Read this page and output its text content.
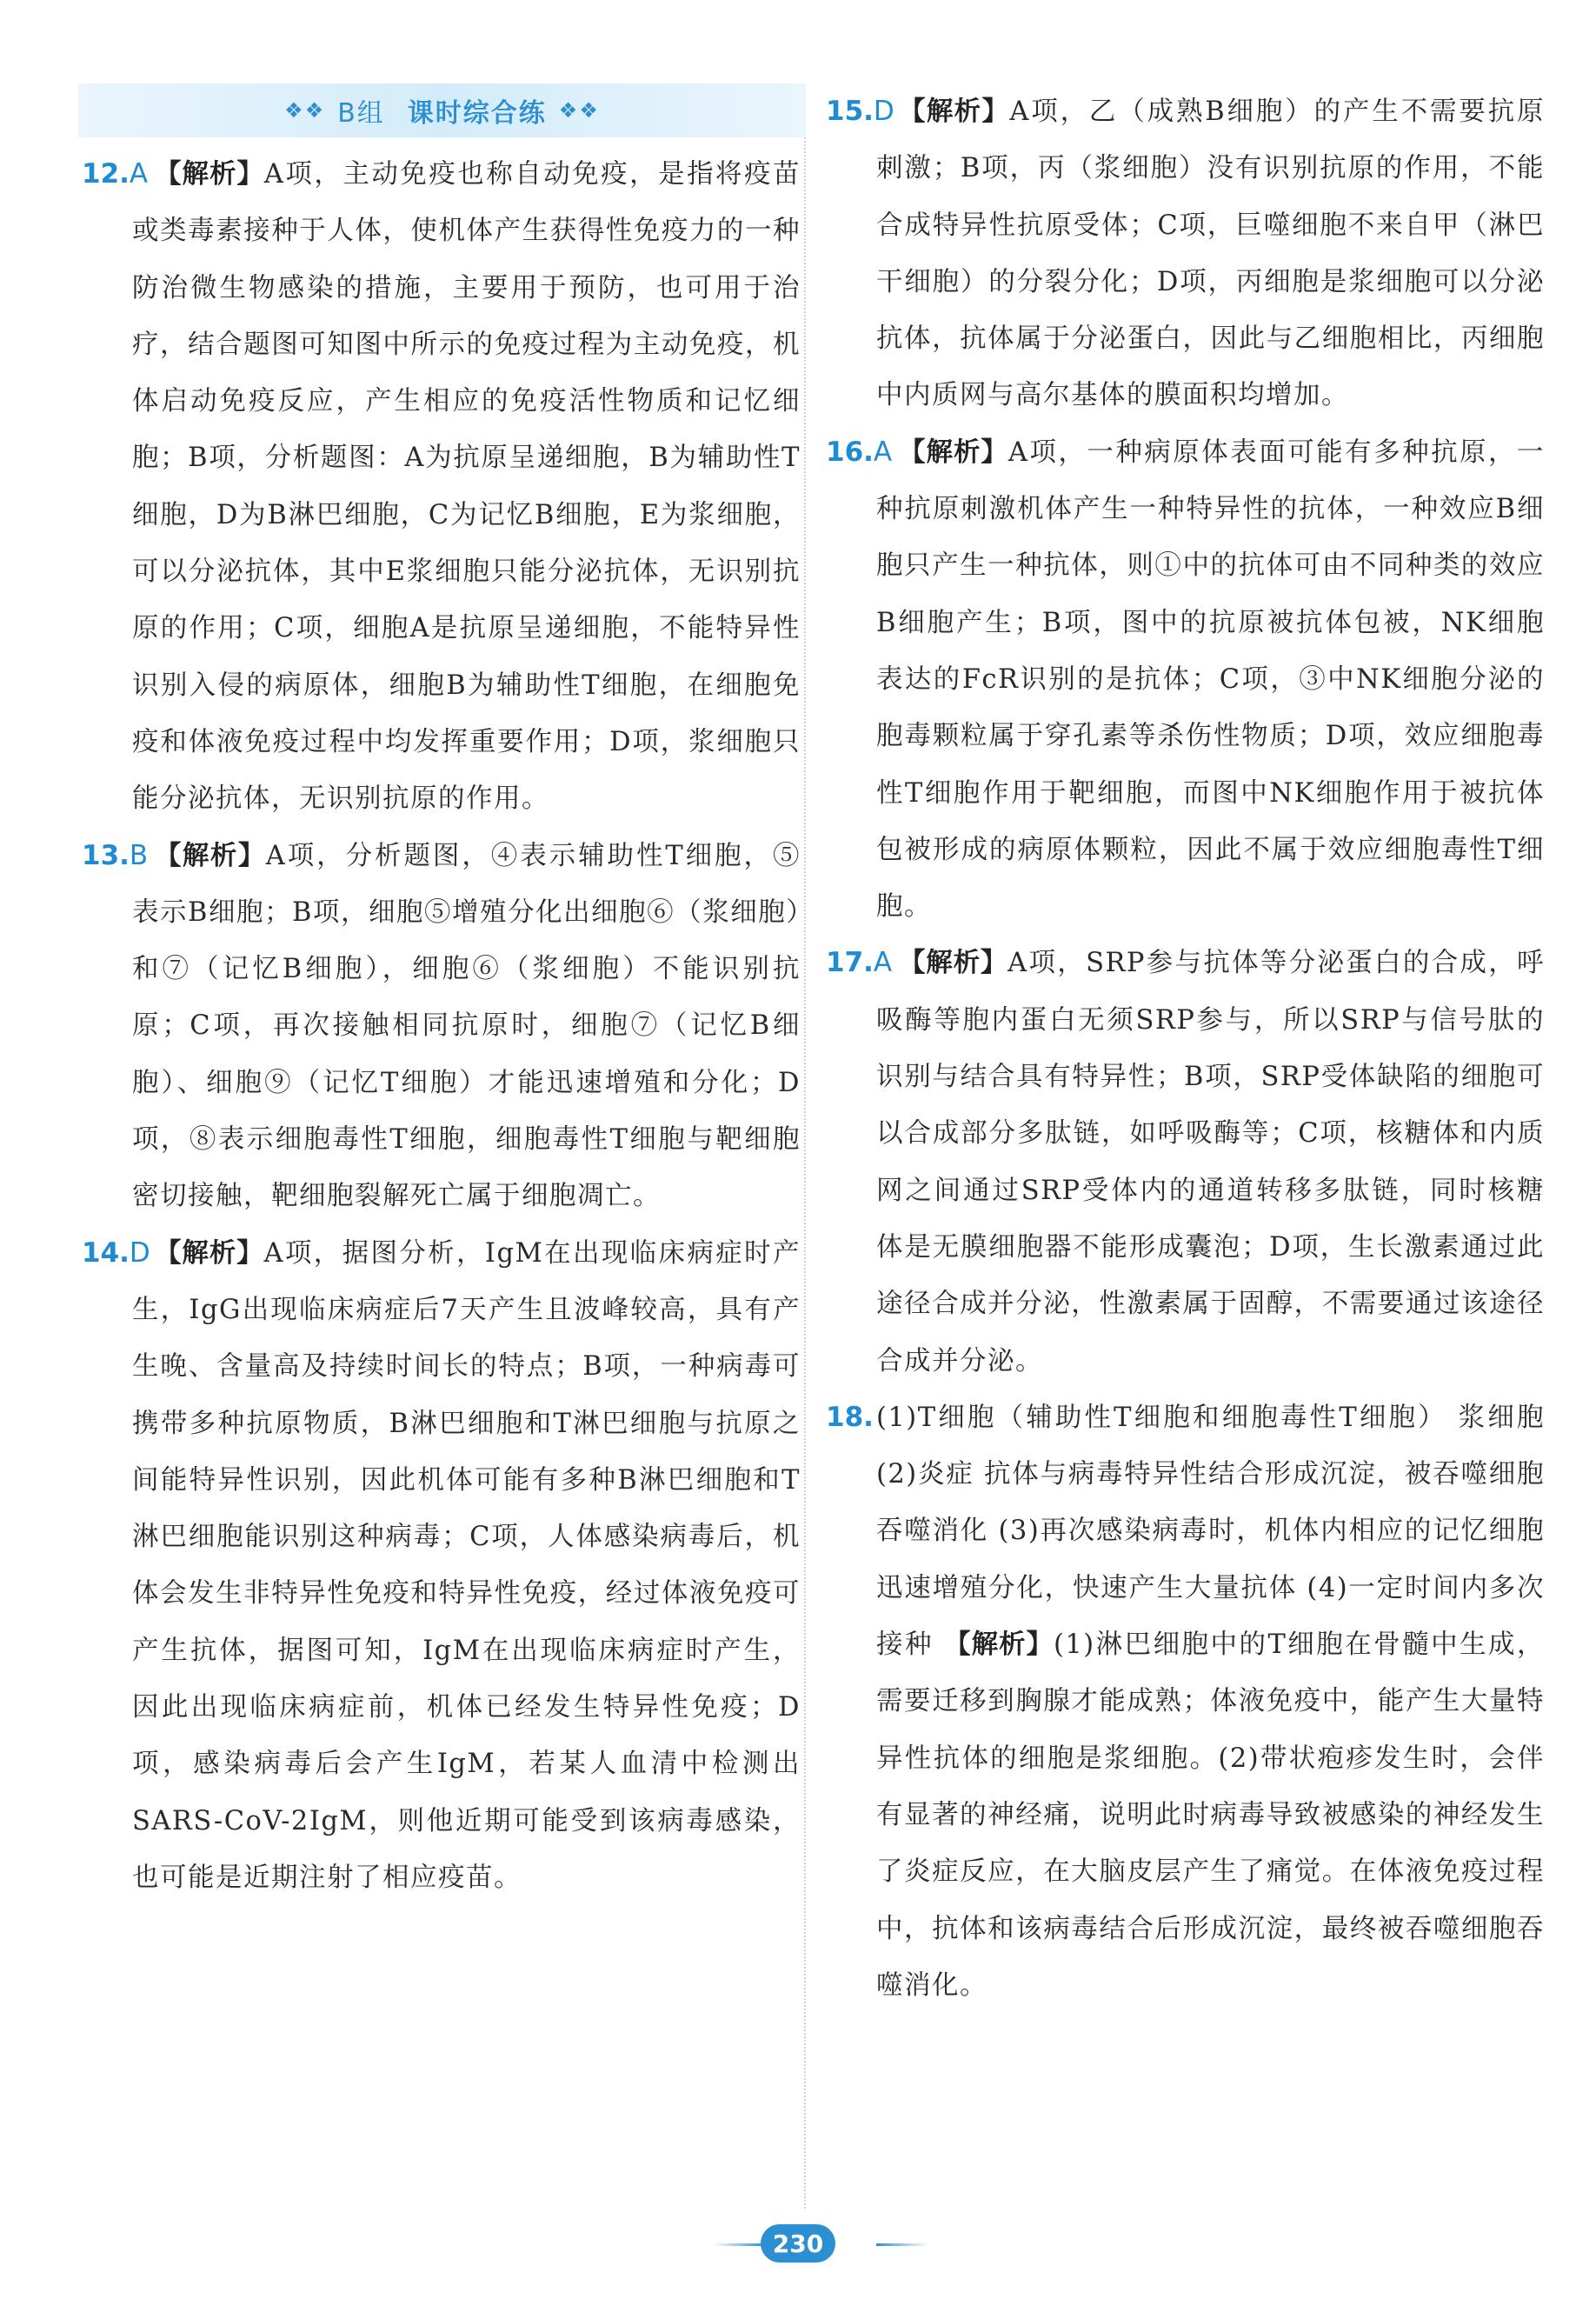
❖❖ B组 课时综合练 ❖❖
12.A 【解析】A项，主动免疫也称自动免疫，是指将疫苗或类毒素接种于人体，使机体产生获得性免疫力的一种防治微生物感染的措施，主要用于预防，也可用于治疗，结合题图可知图中所示的免疫过程为主动免疫，机体启动免疫反应，产生相应的免疫活性物质和记忆细胞；B项，分析题图：A为抗原呈递细胞，B为辅助性T细胞，D为B淋巴细胞，C为记忆B细胞，E为浆细胞，可以分泌抗体，其中E浆细胞只能分泌抗体，无识别抗原的作用；C项，细胞A是抗原呈递细胞，不能特异性识别入侵的病原体，细胞B为辅助性T细胞，在细胞免疫和体液免疫过程中均发挥重要作用；D项，浆细胞只能分泌抗体，无识别抗原的作用。
13.B 【解析】A项，分析题图，④表示辅助性T细胞，⑤表示B细胞；B项，细胞⑤增殖分化出细胞⑥（浆细胞）和⑦（记忆B细胞），细胞⑥（浆细胞）不能识别抗原；C项，再次接触相同抗原时，细胞⑦（记忆B细胞）、细胞⑨（记忆T细胞）才能迅速增殖和分化；D项，⑧表示细胞毒性T细胞，细胞毒性T细胞与靶细胞密切接触，靶细胞裂解死亡属于细胞凋亡。
14.D 【解析】A项，据图分析，IgM在出现临床病症时产生，IgG出现临床病症后7天产生且波峰较高，具有产生晚、含量高及持续时间长的特点；B项，一种病毒可携带多种抗原物质，B淋巴细胞和T淋巴细胞与抗原之间能特异性识别，因此机体可能有多种B淋巴细胞和T淋巴细胞能识别这种病毒；C项，人体感染病毒后，机体会发生非特异性免疫和特异性免疫，经过体液免疫可产生抗体，据图可知，IgM在出现临床病症时产生，因此出现临床病症前，机体已经发生特异性免疫；D项，感染病毒后会产生IgM，若某人血清中检测出SARS-CoV-2IgM，则他近期可能受到该病毒感染，也可能是近期注射了相应疫苗。
15.D 【解析】A项，乙（成熟B细胞）的产生不需要抗原刺激；B项，丙（浆细胞）没有识别抗原的作用，不能合成特异性抗原受体；C项，巨噬细胞不来自甲（淋巴干细胞）的分裂分化；D项，丙细胞是浆细胞可以分泌抗体，抗体属于分泌蛋白，因此与乙细胞相比，丙细胞中内质网与高尔基体的膜面积均增加。
16.A 【解析】A项，一种病原体表面可能有多种抗原，一种抗原刺激机体产生一种特异性的抗体，一种效应B细胞只产生一种抗体，则①中的抗体可由不同种类的效应B细胞产生；B项，图中的抗原被抗体包被，NK细胞表达的FcR识别的是抗体；C项，③中NK细胞分泌的胞毒颗粒属于穿孔素等杀伤性物质；D项，效应细胞毒性T细胞作用于靶细胞，而图中NK细胞作用于被抗体包被形成的病原体颗粒，因此不属于效应细胞毒性T细胞。
17.A 【解析】A项，SRP参与抗体等分泌蛋白的合成，呼吸酶等胞内蛋白无须SRP参与，所以SRP与信号肽的识别与结合具有特异性；B项，SRP受体缺陷的细胞可以合成部分多肽链，如呼吸酶等；C项，核糖体和内质网之间通过SRP受体内的通道转移多肽链，同时核糖体是无膜细胞器不能形成囊泡；D项，生长激素通过此途径合成并分泌，性激素属于固醇，不需要通过该途径合成并分泌。
18. (1)T细胞（辅助性T细胞和细胞毒性T细胞） 浆细胞 (2)炎症 抗体与病毒特异性结合形成沉淀，被吞噬细胞吞噬消化 (3)再次感染病毒时，机体内相应的记忆细胞迅速增殖分化，快速产生大量抗体 (4)一定时间内多次接种 【解析】(1)淋巴细胞中的T细胞在骨髓中生成，需要迁移到胸腺才能成熟；体液免疫中，能产生大量特异性抗体的细胞是浆细胞。(2)带状疱疹发生时，会伴有显著的神经痛，说明此时病毒导致被感染的神经发生了炎症反应，在大脑皮层产生了痛觉。在体液免疫过程中，抗体和该病毒结合后形成沉淀，最终被吞噬细胞吞噬消化。
230
